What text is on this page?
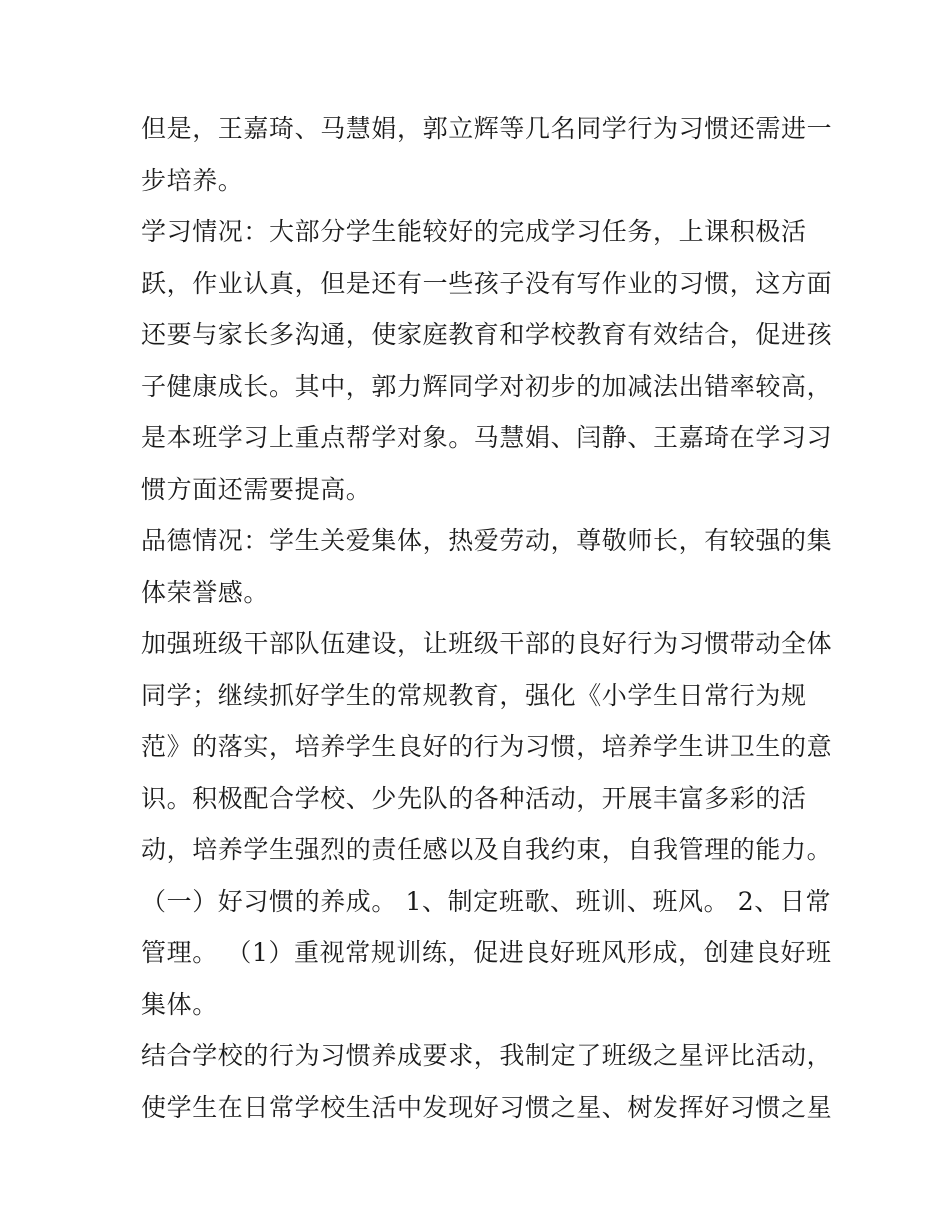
但是，王嘉琦、马慧娟，郭立辉等几名同学行为习惯还需进一
步培养。
学习情况：大部分学生能较好的完成学习任务，上课积极活
跃，作业认真，但是还有一些孩子没有写作业的习惯，这方面
还要与家长多沟通，使家庭教育和学校教育有效结合，促进孩
子健康成长。其中，郭力辉同学对初步的加减法出错率较高，
是本班学习上重点帮学对象。马慧娟、闫静、王嘉琦在学习习
惯方面还需要提高。
品德情况：学生关爱集体，热爱劳动，尊敬师长，有较强的集
体荣誉感。
加强班级干部队伍建设，让班级干部的良好行为习惯带动全体
同学；继续抓好学生的常规教育，强化《小学生日常行为规
范》的落实，培养学生良好的行为习惯，培养学生讲卫生的意
识。积极配合学校、少先队的各种活动，开展丰富多彩的活
动，培养学生强烈的责任感以及自我约束，自我管理的能力。
（一）好习惯的养成。 1、制定班歌、班训、班风。 2、日常
管理。 （1）重视常规训练，促进良好班风形成，创建良好班
集体。
结合学校的行为习惯养成要求，我制定了班级之星评比活动，
使学生在日常学校生活中发现好习惯之星、树发挥好习惯之星
